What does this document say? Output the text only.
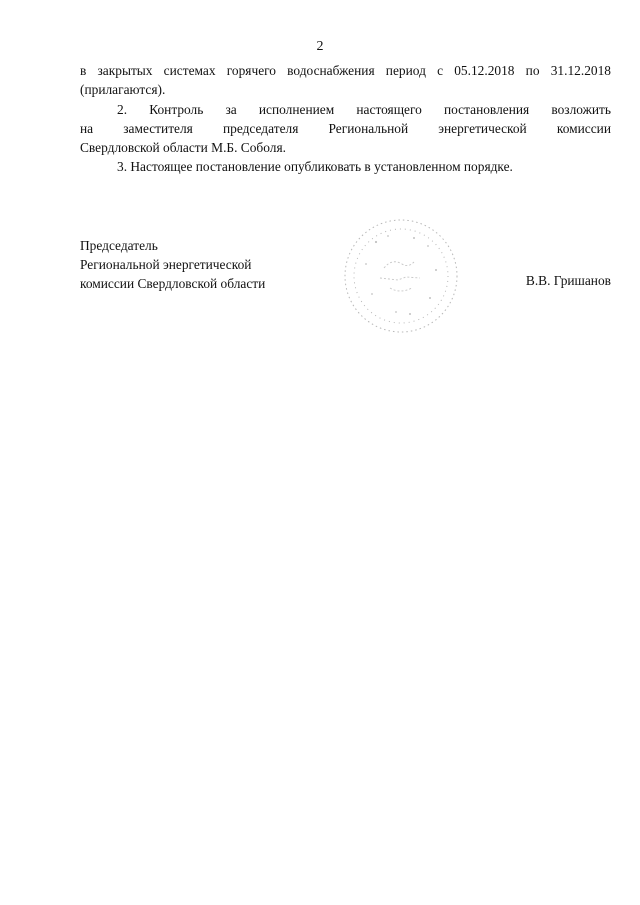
2

в закрытых системах горячего водоснабжения период с 05.12.2018 по 31.12.2018
(прилагаются).

2. Контроль за исполнением настоящего постановления возложить
на заместителя председателя Региональной энергетической комиссии
Свердловской области М.Б. Соболя.

3. Настоящее постановление опубликовать в установленном порядке.

Председатель
Региональной энергетической
комиссии Свердловской области	В.В. Гришанов
